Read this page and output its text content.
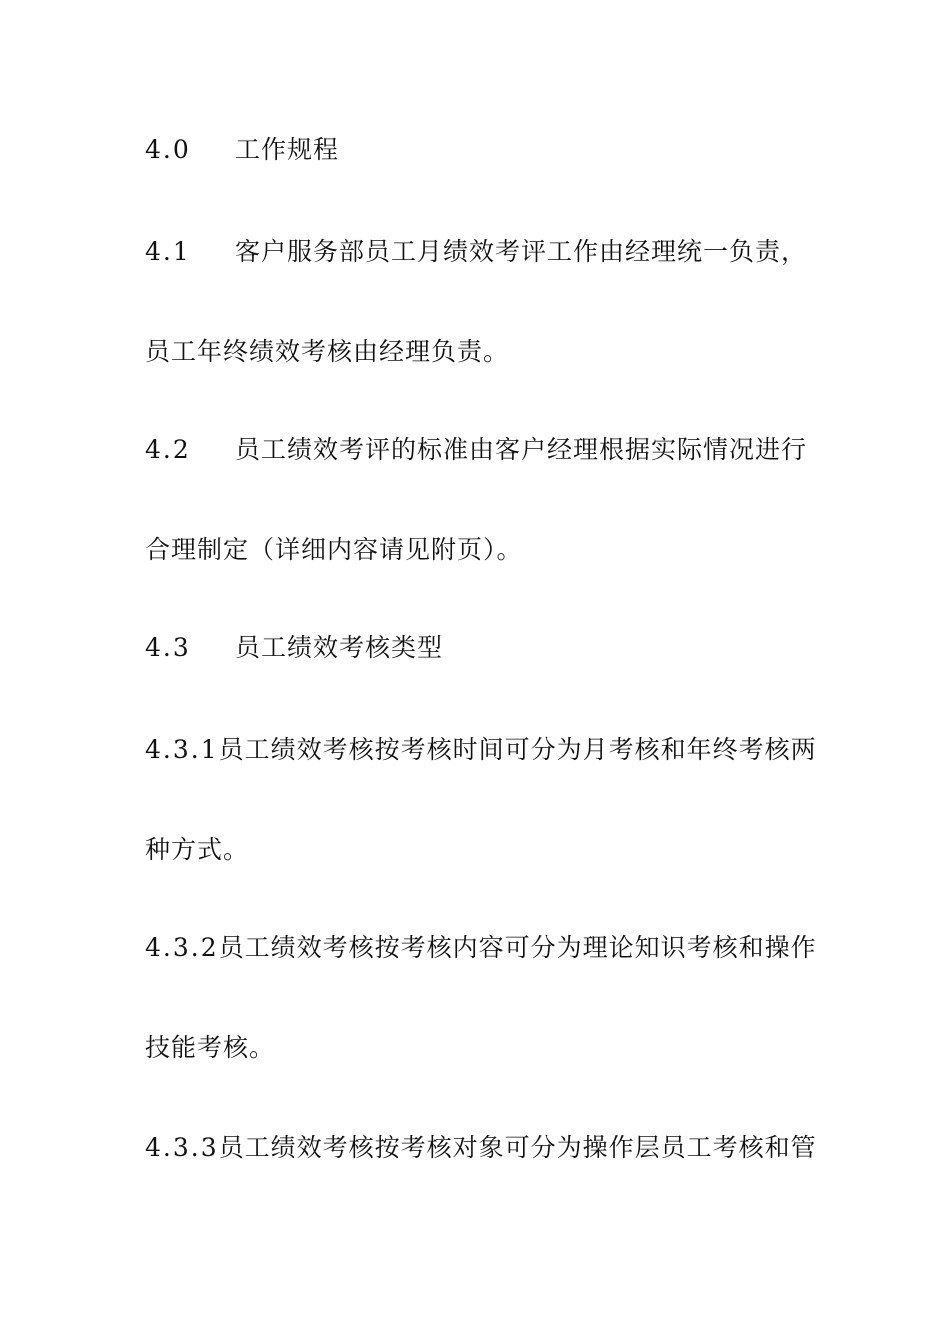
4.0 工作规程
4.1 客户服务部员工月绩效考评工作由经理统一负责，
员工年终绩效考核由经理负责。
4.2 员工绩效考评的标准由客户经理根据实际情况进行
合理制定（详细内容请见附页）。
4.3 员工绩效考核类型
4.3.1员工绩效考核按考核时间可分为月考核和年终考核两
种方式。
4.3.2员工绩效考核按考核内容可分为理论知识考核和操作
技能考核。
4.3.3员工绩效考核按考核对象可分为操作层员工考核和管
